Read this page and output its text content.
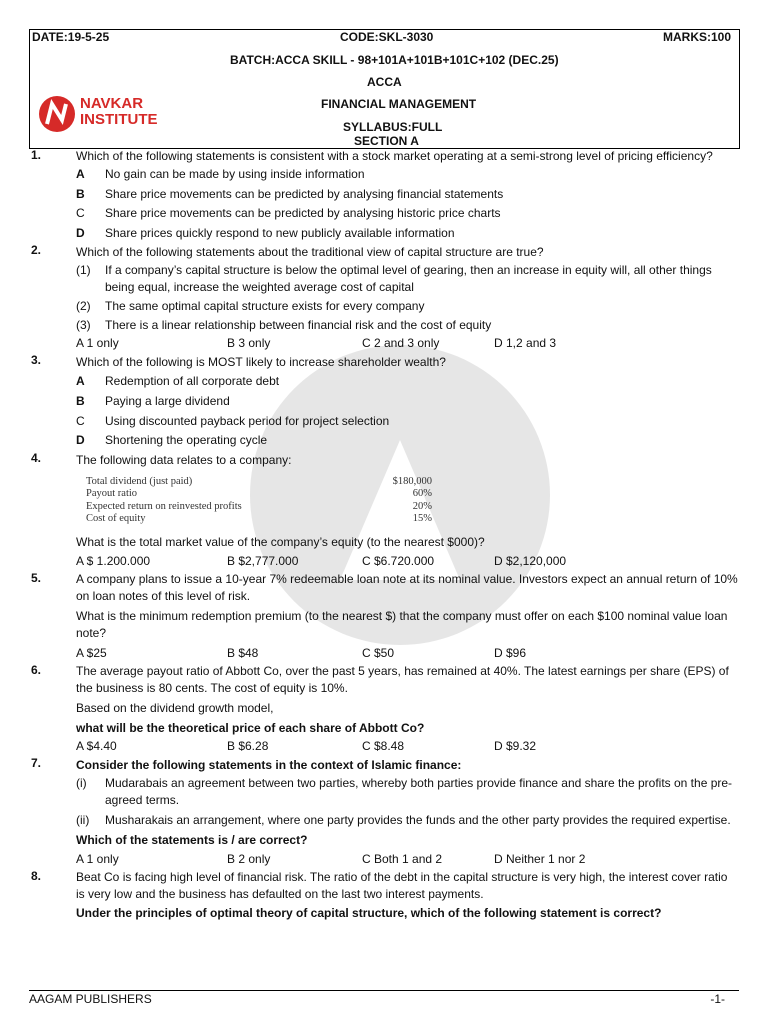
DATE:19-5-25	CODE:SKL-3030	MARKS:100
BATCH:ACCA SKILL - 98+101A+101B+101C+102 (DEC.25)
ACCA
FINANCIAL MANAGEMENT
SYLLABUS:FULL
NAVKAR
INSTITUTE
SECTION A
1.	Which of the following statements is consistent with a stock market operating at a semi-strong level of pricing efficiency?
A	No gain can be made by using inside information
B	Share price movements can be predicted by analysing financial statements
C	Share price movements can be predicted by analysing historic price charts
D	Share prices quickly respond to new publicly available information
2.	Which of the following statements about the traditional view of capital structure are true?
(1)	If a company’s capital structure is below the optimal level of gearing, then an increase in equity will, all other things being equal, increase the weighted average cost of capital
(2)	The same optimal capital structure exists for every company
(3)	There is a linear relationship between financial risk and the cost of equity
A 1 only	B 3 only	C 2 and 3 only	D 1,2 and 3
3.	Which of the following is MOST likely to increase shareholder wealth?
A	Redemption of all corporate debt
B	Paying a large dividend
C	Using discounted payback period for project selection
D	Shortening the operating cycle
4.	The following data relates to a company:
Total dividend (just paid)	$180,000
Payout ratio	60%
Expected return on reinvested profits	20%
Cost of equity	15%
What is the total market value of the company’s equity (to the nearest $000)?
A $ 1.200.000	B $2,777.000	C $6.720.000	D $2,120,000
5.	A company plans to issue a 10-year 7% redeemable loan note at its nominal value. Investors expect an annual return of 10% on loan notes of this level of risk.
What is the minimum redemption premium (to the nearest $) that the company must offer on each $100 nominal value loan note?
A $25	B $48	C $50	D $96
6.	The average payout ratio of Abbott Co, over the past 5 years, has remained at 40%. The latest earnings per share (EPS) of the business is 80 cents. The cost of equity is 10%.
Based on the dividend growth model,
what will be the theoretical price of each share of Abbott Co?
A $4.40	B $6.28	C $8.48	D $9.32
7.	Consider the following statements in the context of Islamic finance:
(i)	Mudarabais an agreement between two parties, whereby both parties provide finance and share the profits on the pre-agreed terms.
(ii)	Musharakais an arrangement, where one party provides the funds and the other party provides the required expertise.
Which of the statements is / are correct?
A 1 only	B 2 only	C Both 1 and 2	D Neither 1 nor 2
8.	Beat Co is facing high level of financial risk. The ratio of the debt in the capital structure is very high, the interest cover ratio is very low and the business has defaulted on the last two interest payments.
Under the principles of optimal theory of capital structure, which of the following statement is correct?
AAGAM PUBLISHERS	-1-
